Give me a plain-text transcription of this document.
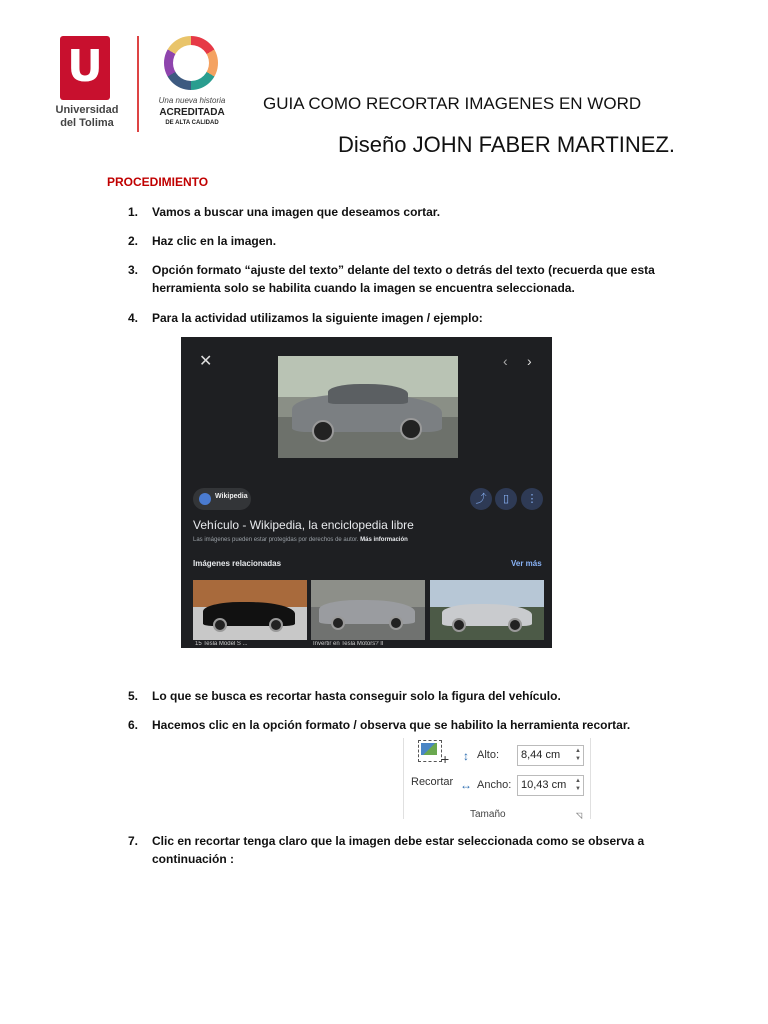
U
Universidad del Tolima
Una nueva historia
ACREDITADA
DE ALTA CALIDAD
GUIA COMO RECORTAR IMAGENES EN WORD
Diseño JOHN FABER MARTINEZ.
PROCEDIMIENTO
1.	Vamos a buscar una imagen que deseamos cortar.
2.	Haz clic en la imagen.
3.	Opción formato “ajuste del texto” delante del texto o detrás del texto (recuerda que esta herramienta solo se habilita cuando la imagen se encuentra seleccionada.
4.	Para la actividad utilizamos la siguiente imagen / ejemplo:
✕	‹ ›
Wikipedia	⤴	▯	⋮
Vehículo - Wikipedia, la enciclopedia libre
Las imágenes pueden estar protegidas por derechos de autor. Más información
Imágenes relacionadas	Ver más
15 Tesla Model S ...	Invertir en Tesla Motors? II
5.	Lo que se busca es recortar hasta conseguir solo la figura del vehículo.
6.	Hacemos clic en la opción formato / observa que se habilito la herramienta recortar.
+
Recortar
↕ Alto:	8,44 cm ▲
▼
↔ Ancho: 10,43 cm ▲
▼
Tamaño	◹
7.	Clic en recortar tenga claro que la imagen debe estar seleccionada como se observa a continuación :
